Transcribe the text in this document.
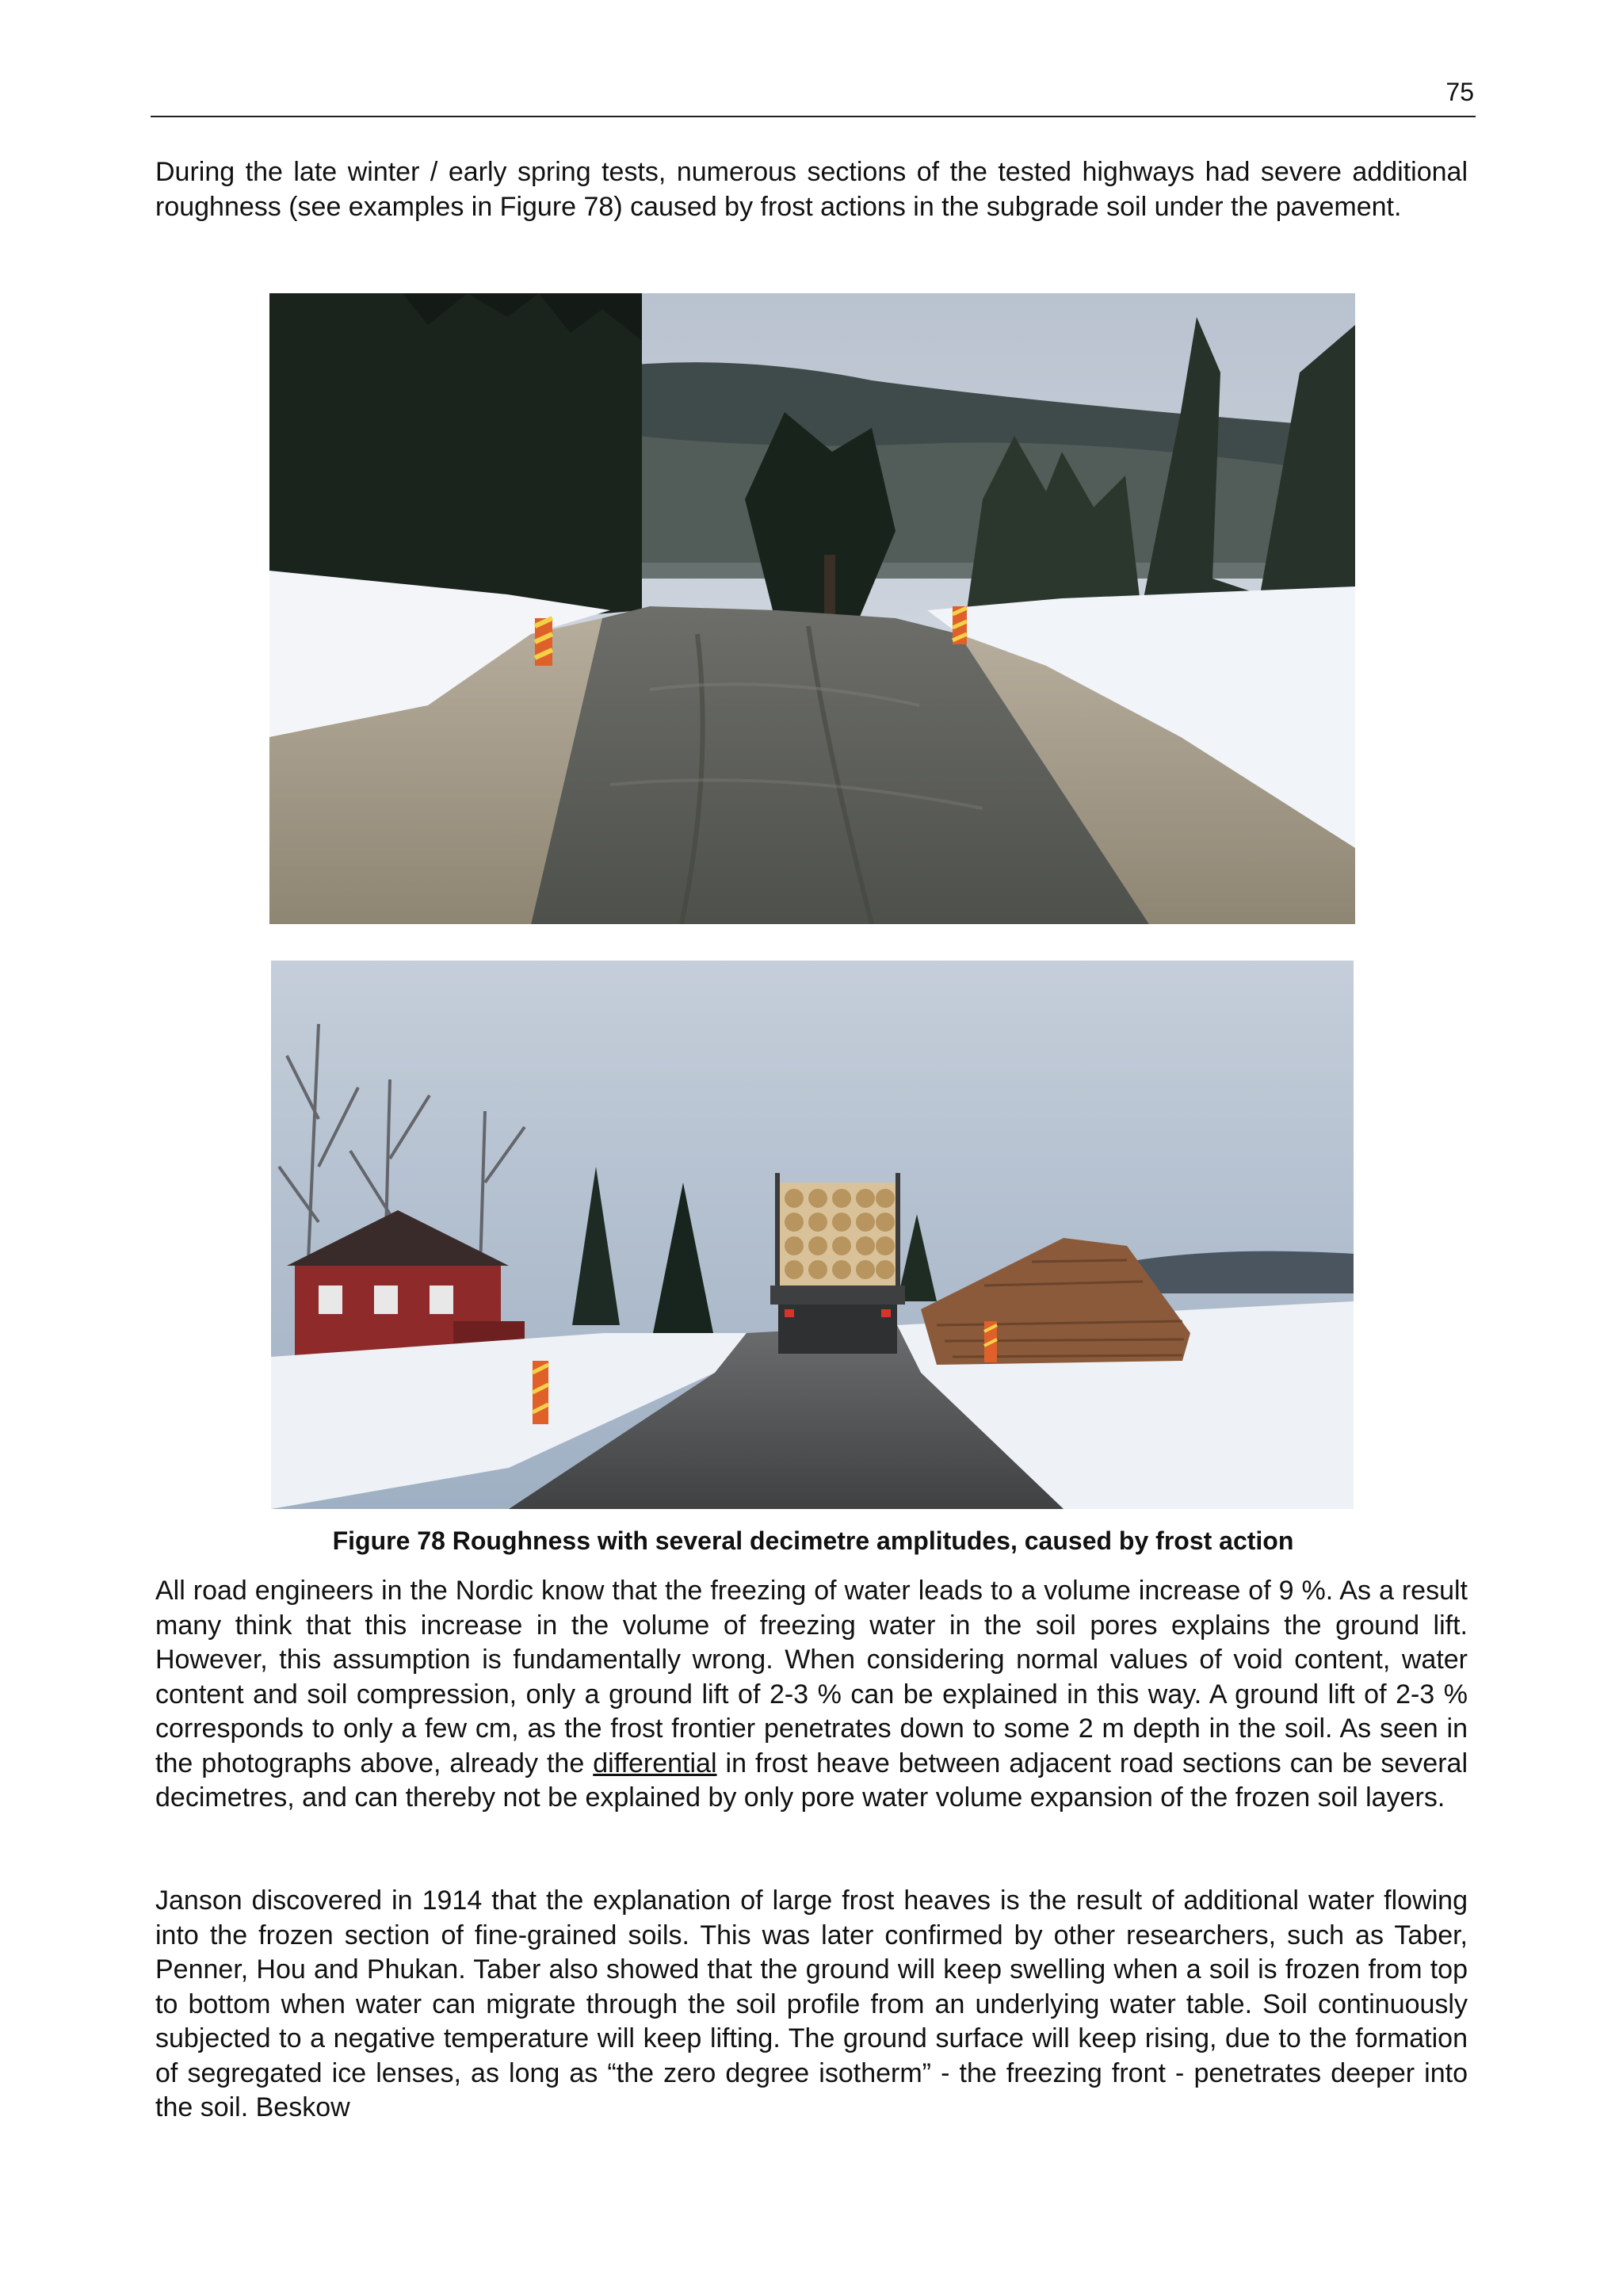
75

During the late winter / early spring tests, numerous sections of the tested highways had severe additional roughness (see examples in Figure 78) caused by frost actions in the subgrade soil under the pavement.

Figure 78 Roughness with several decimetre amplitudes, caused by frost action

All road engineers in the Nordic know that the freezing of water leads to a volume increase of 9 %. As a result many think that this increase in the volume of freezing water in the soil pores explains the ground lift. However, this assumption is fundamentally wrong. When considering normal values of void content, water content and soil compression, only a ground lift of 2-3 % can be explained in this way. A ground lift of 2-3 % corresponds to only a few cm, as the frost frontier penetrates down to some 2 m depth in the soil. As seen in the photographs above, already the differential in frost heave between adjacent road sections can be several decimetres, and can thereby not be explained by only pore water volume expansion of the frozen soil layers.

Janson discovered in 1914 that the explanation of large frost heaves is the result of additional water flowing into the frozen section of fine-grained soils. This was later confirmed by other researchers, such as Taber, Penner, Hou and Phukan. Taber also showed that the ground will keep swelling when a soil is frozen from top to bottom when water can migrate through the soil profile from an underlying water table. Soil continuously subjected to a negative temperature will keep lifting. The ground surface will keep rising, due to the formation of segregated ice lenses, as long as “the zero degree isotherm” - the freezing front - penetrates deeper into the soil. Beskow
